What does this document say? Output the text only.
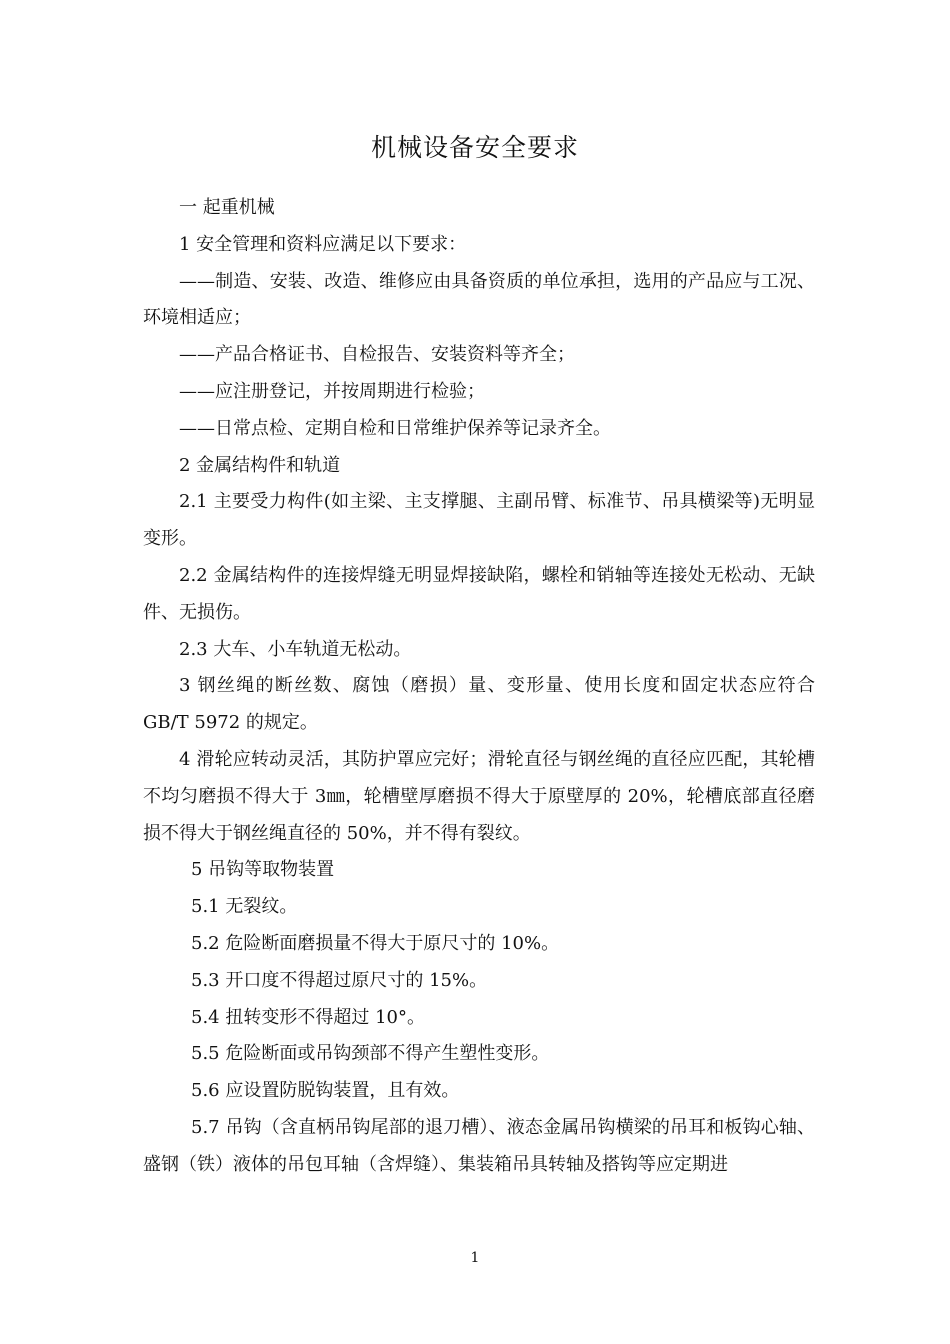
机械设备安全要求

一 起重机械

1 安全管理和资料应满足以下要求：

——制造、安装、改造、维修应由具备资质的单位承担，选用的产品应与工况、环境相适应；

——产品合格证书、自检报告、安装资料等齐全；

——应注册登记，并按周期进行检验；

——日常点检、定期自检和日常维护保养等记录齐全。

2 金属结构件和轨道

2.1 主要受力构件(如主梁、主支撑腿、主副吊臂、标准节、吊具横梁等)无明显变形。

2.2 金属结构件的连接焊缝无明显焊接缺陷，螺栓和销轴等连接处无松动、无缺件、无损伤。

2.3 大车、小车轨道无松动。

3 钢丝绳的断丝数、腐蚀（磨损）量、变形量、使用长度和固定状态应符合 GB/T 5972 的规定。

4 滑轮应转动灵活，其防护罩应完好；滑轮直径与钢丝绳的直径应匹配，其轮槽不均匀磨损不得大于 3㎜，轮槽壁厚磨损不得大于原壁厚的 20%，轮槽底部直径磨损不得大于钢丝绳直径的 50%，并不得有裂纹。

5 吊钩等取物装置

5.1 无裂纹。

5.2 危险断面磨损量不得大于原尺寸的 10%。

5.3 开口度不得超过原尺寸的 15%。

5.4 扭转变形不得超过 10°。

5.5 危险断面或吊钩颈部不得产生塑性变形。

5.6 应设置防脱钩装置，且有效。

5.7 吊钩（含直柄吊钩尾部的退刀槽）、液态金属吊钩横梁的吊耳和板钩心轴、盛钢（铁）液体的吊包耳轴（含焊缝）、集装箱吊具转轴及搭钩等应定期进

1
